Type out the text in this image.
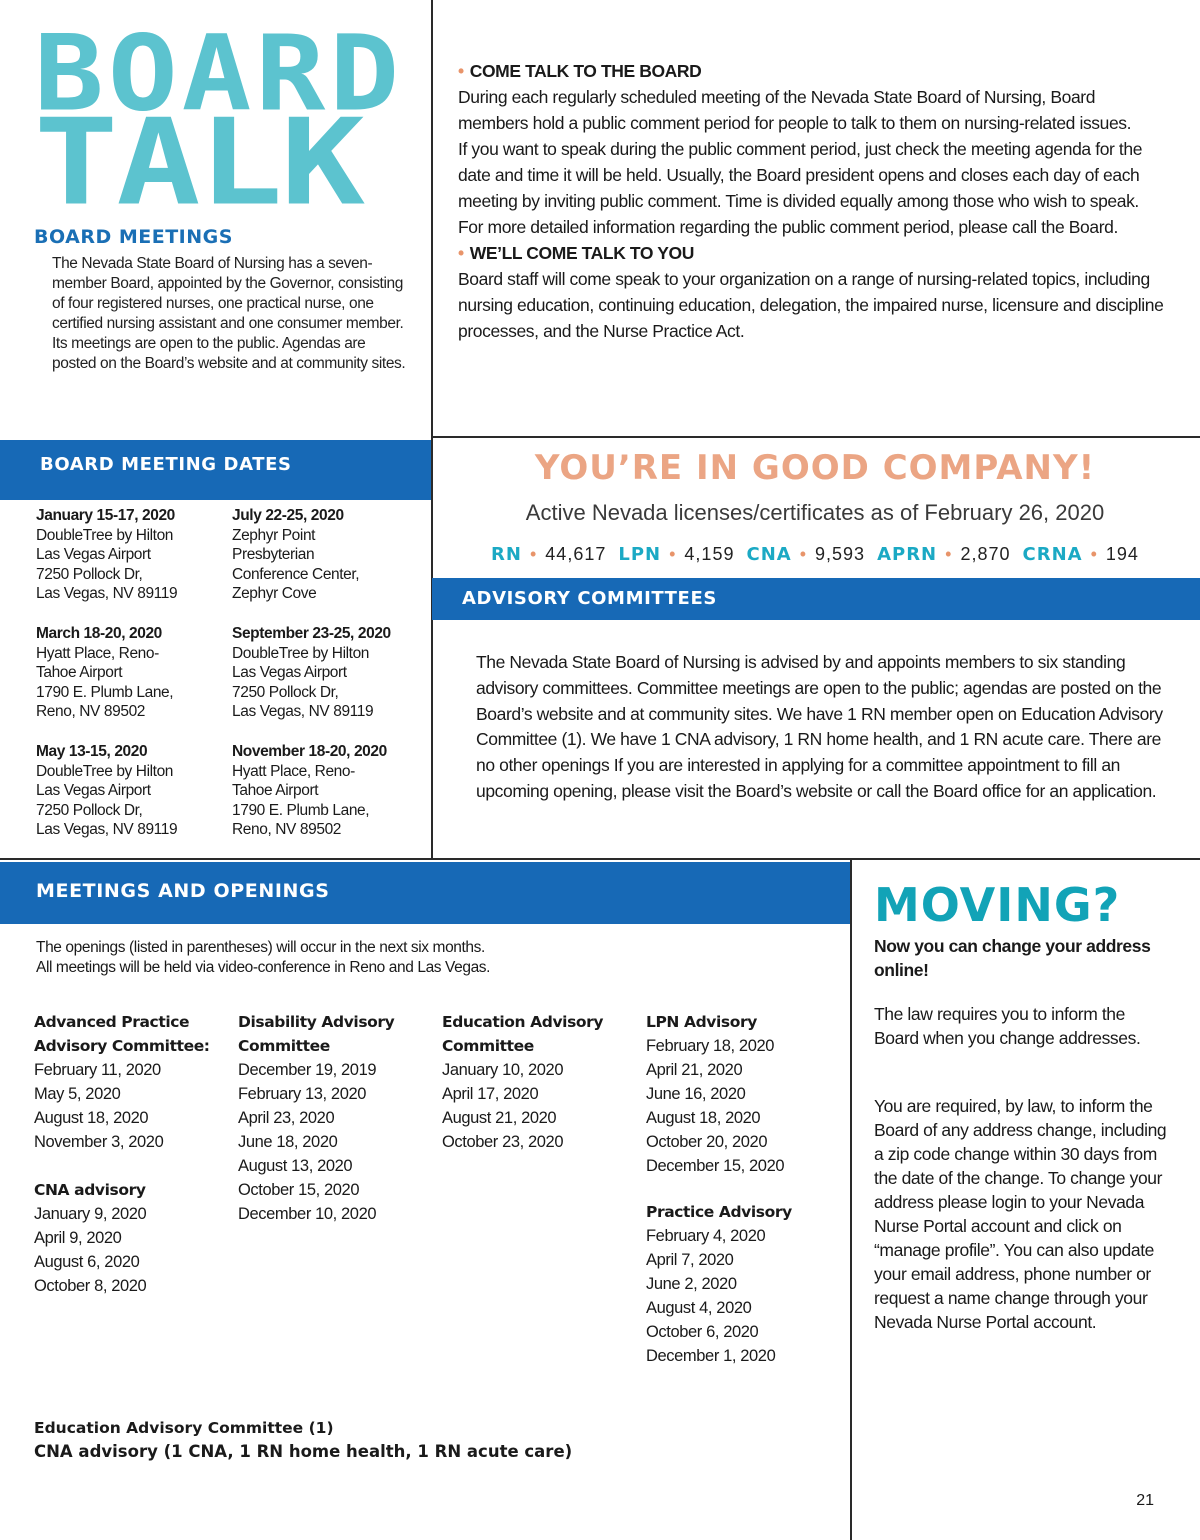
BOARD
TALK
BOARD MEETINGS
The Nevada State Board of Nursing has a seven-member Board, appointed by the Governor, consisting of four registered nurses, one practical nurse, one certified nursing assistant and one consumer member.
Its meetings are open to the public. Agendas are posted on the Board’s website and at community sites.
• COME TALK TO THE BOARD
During each regularly scheduled meeting of the Nevada State Board of Nursing, Board members hold a public comment period for people to talk to them on nursing-related issues.
If you want to speak during the public comment period, just check the meeting agenda for the date and time it will be held. Usually, the Board president opens and closes each day of each meeting by inviting public comment. Time is divided equally among those who wish to speak.
For more detailed information regarding the public comment period, please call the Board.
• WE’LL COME TALK TO YOU
Board staff will come speak to your organization on a range of nursing-related topics, including nursing education, continuing education, delegation, the impaired nurse, licensure and discipline processes, and the Nurse Practice Act.
BOARD MEETING DATES
January 15-17, 2020
DoubleTree by Hilton
Las Vegas Airport
7250 Pollock Dr,
Las Vegas, NV 89119
July 22-25, 2020
Zephyr Point
Presbyterian
Conference Center,
Zephyr Cove
March 18-20, 2020
Hyatt Place, Reno-
Tahoe Airport
1790 E. Plumb Lane,
Reno, NV 89502
September 23-25, 2020
DoubleTree by Hilton
Las Vegas Airport
7250 Pollock Dr,
Las Vegas, NV 89119
May 13-15, 2020
DoubleTree by Hilton
Las Vegas Airport
7250 Pollock Dr,
Las Vegas, NV 89119
November 18-20, 2020
Hyatt Place, Reno-
Tahoe Airport
1790 E. Plumb Lane,
Reno, NV 89502
YOU’RE IN GOOD COMPANY!
Active Nevada licenses/certificates as of February 26, 2020
RN • 44,617 LPN • 4,159 CNA • 9,593 APRN • 2,870 CRNA • 194
ADVISORY COMMITTEES
The Nevada State Board of Nursing is advised by and appoints members to six standing advisory committees. Committee meetings are open to the public; agendas are posted on the Board’s website and at community sites. We have 1 RN member open on Education Advisory Committee (1). We have 1 CNA advisory, 1 RN home health, and 1 RN acute care. There are no other openings If you are interested in applying for a committee appointment to fill an upcoming opening, please visit the Board’s website or call the Board office for an application.
MEETINGS AND OPENINGS
The openings (listed in parentheses) will occur in the next six months.
All meetings will be held via video-conference in Reno and Las Vegas.
Advanced Practice
Advisory Committee:
February 11, 2020
May 5, 2020
August 18, 2020
November 3, 2020
CNA advisory
January 9, 2020
April 9, 2020
August 6, 2020
October 8, 2020
Disability Advisory
Committee
December 19, 2019
February 13, 2020
April 23, 2020
June 18, 2020
August 13, 2020
October 15, 2020
December 10, 2020
Education Advisory
Committee
January 10, 2020
April 17, 2020
August 21, 2020
October 23, 2020
LPN Advisory
February 18, 2020
April 21, 2020
June 16, 2020
August 18, 2020
October 20, 2020
December 15, 2020
Practice Advisory
February 4, 2020
April 7, 2020
June 2, 2020
August 4, 2020
October 6, 2020
December 1, 2020
Education Advisory Committee (1)
CNA advisory (1 CNA, 1 RN home health, 1 RN acute care)
MOVING?
Now you can change your address online!
The law requires you to inform the Board when you change addresses.
You are required, by law, to inform the Board of any address change, including a zip code change within 30 days from the date of the change. To change your address please login to your Nevada Nurse Portal account and click on “manage profile”. You can also update your email address, phone number or request a name change through your Nevada Nurse Portal account.
21
